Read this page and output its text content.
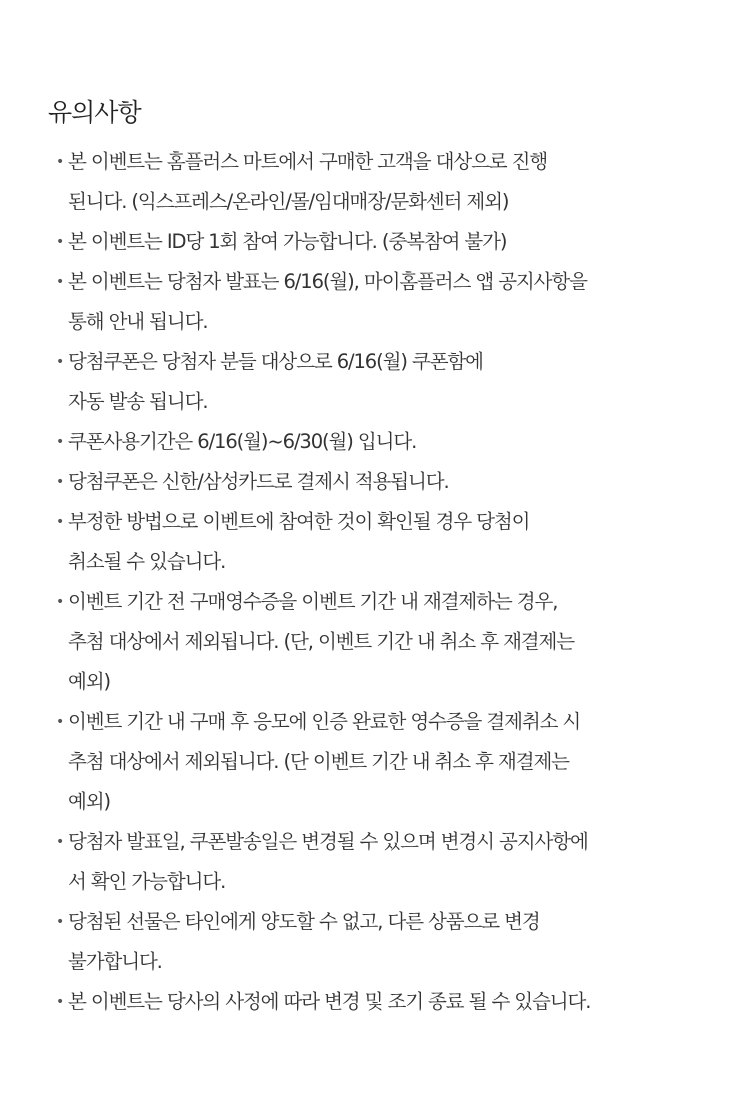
유의사항
• 본 이벤트는 홈플러스 마트에서 구매한 고객을 대상으로 진행
된니다. (익스프레스/온라인/몰/임대매장/문화센터 제외)
• 본 이벤트는 ID당 1회 참여 가능합니다. (중복참여 불가)
• 본 이벤트는 당첨자 발표는 6/16(월), 마이홈플러스 앱 공지사항을
통해 안내 됩니다.
• 당첨쿠폰은 당첨자 분들 대상으로 6/16(월) 쿠폰함에
자동 발송 됩니다.
• 쿠폰사용기간은 6/16(월)~6/30(월) 입니다.
• 당첨쿠폰은 신한/삼성카드로 결제시 적용됩니다.
• 부정한 방법으로 이벤트에 참여한 것이 확인될 경우 당첨이
취소될 수 있습니다.
• 이벤트 기간 전 구매영수증을 이벤트 기간 내 재결제하는 경우,
추첨 대상에서 제외됩니다. (단, 이벤트 기간 내 취소 후 재결제는
예외)
• 이벤트 기간 내 구매 후 응모에 인증 완료한 영수증을 결제취소 시
추첨 대상에서 제외됩니다. (단 이벤트 기간 내 취소 후 재결제는
예외)
• 당첨자 발표일, 쿠폰발송일은 변경될 수 있으며 변경시 공지사항에
서 확인 가능합니다.
• 당첨된 선물은 타인에게 양도할 수 없고, 다른 상품으로 변경
불가합니다.
• 본 이벤트는 당사의 사정에 따라 변경 및 조기 종료 될 수 있습니다.
